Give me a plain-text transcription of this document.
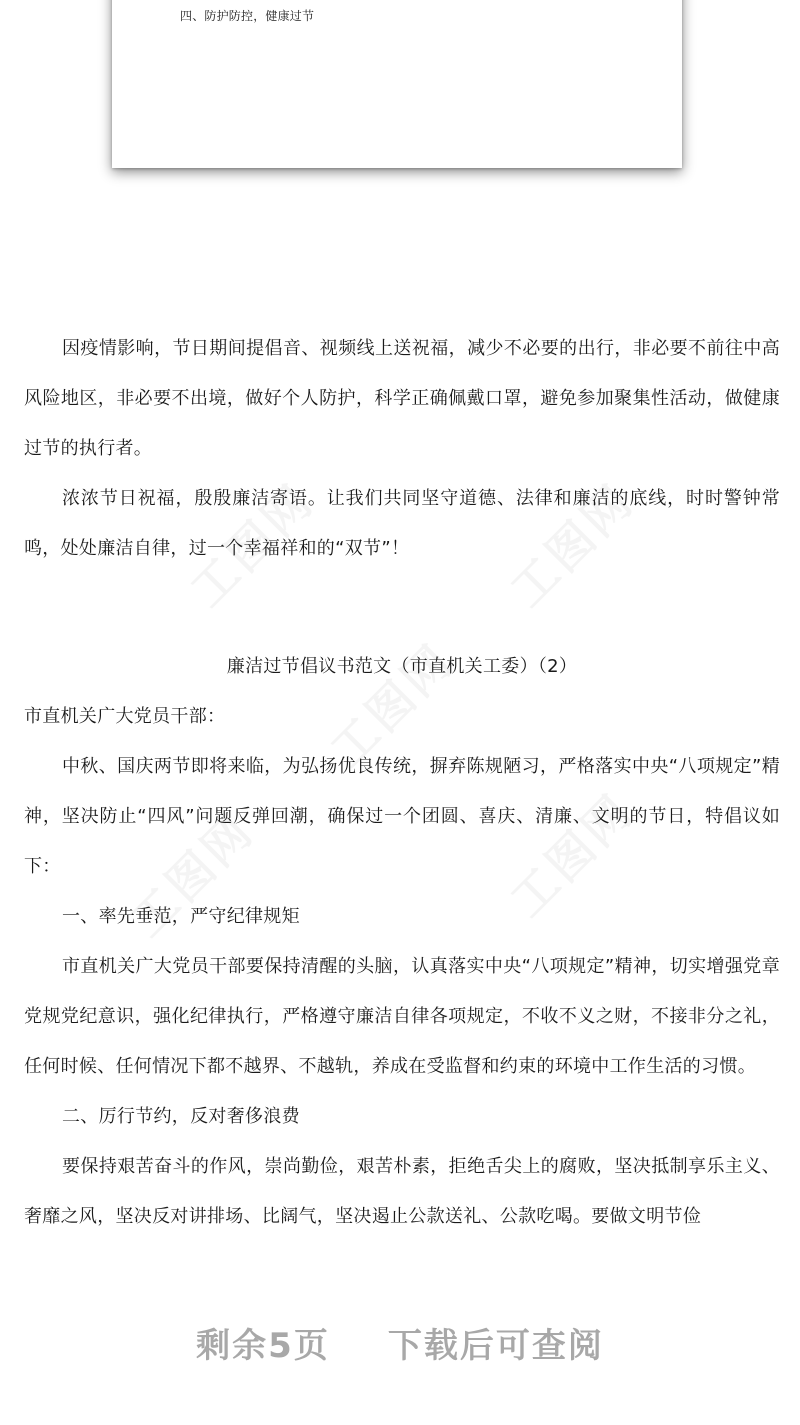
四、防护防控，健康过节

因疫情影响，节日期间提倡音、视频线上送祝福，减少不必要的出行，非必要不前往中高风险地区，非必要不出境，做好个人防护，科学正确佩戴口罩，避免参加聚集性活动，做健康过节的执行者。

浓浓节日祝福，殷殷廉洁寄语。让我们共同坚守道德、法律和廉洁的底线，时时警钟常鸣，处处廉洁自律，过一个幸福祥和的“双节”！

廉洁过节倡议书范文（市直机关工委）（2）

市直机关广大党员干部：

中秋、国庆两节即将来临，为弘扬优良传统，摒弃陈规陋习，严格落实中央“八项规定”精神，坚决防止“四风”问题反弹回潮，确保过一个团圆、喜庆、清廉、文明的节日，特倡议如下：

一、率先垂范，严守纪律规矩

市直机关广大党员干部要保持清醒的头脑，认真落实中央“八项规定”精神，切实增强党章党规党纪意识，强化纪律执行，严格遵守廉洁自律各项规定，不收不义之财，不接非分之礼，任何时候、任何情况下都不越界、不越轨，养成在受监督和约束的环境中工作生活的习惯。

二、厉行节约，反对奢侈浪费

要保持艰苦奋斗的作风，崇尚勤俭，艰苦朴素，拒绝舌尖上的腐败，坚决抵制享乐主义、奢靡之风，坚决反对讲排场、比阔气，坚决遏止公款送礼、公款吃喝。要做文明节俭

剩余5页 下载后可查阅
